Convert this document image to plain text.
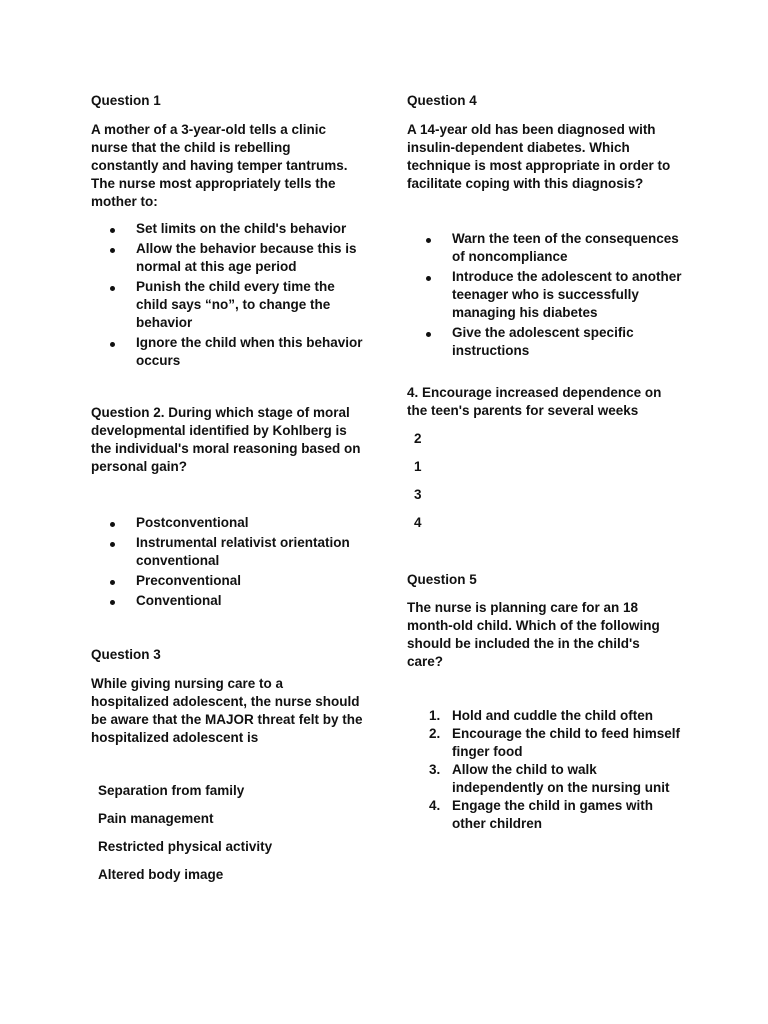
Question 1

A mother of a 3-year-old tells a clinic nurse that the child is rebelling constantly and having temper tantrums. The nurse most appropriately tells the mother to:

Set limits on the child's behavior
Allow the behavior because this is normal at this age period
Punish the child every time the child says “no”, to change the behavior
Ignore the child when this behavior occurs

Question 2. During which stage of moral developmental identified by Kohlberg is the individual's moral reasoning based on personal gain?

Postconventional
Instrumental relativist orientation conventional
Preconventional
Conventional

Question 3

While giving nursing care to a hospitalized adolescent, the nurse should be aware that the MAJOR threat felt by the hospitalized adolescent is

Separation from family
Pain management
Restricted physical activity
Altered body image

Question 4

A 14-year old has been diagnosed with insulin-dependent diabetes. Which technique is most appropriate in order to facilitate coping with this diagnosis?

Warn the teen of the consequences of noncompliance
Introduce the adolescent to another teenager who is successfully managing his diabetes
Give the adolescent specific instructions

4. Encourage increased dependence on the teen's parents for several weeks

2
1
3
4

Question 5

The nurse is planning care for an 18 month-old child. Which of the following should be included the in the child's care?

1. Hold and cuddle the child often
2. Encourage the child to feed himself finger food
3. Allow the child to walk independently on the nursing unit
4. Engage the child in games with other children
